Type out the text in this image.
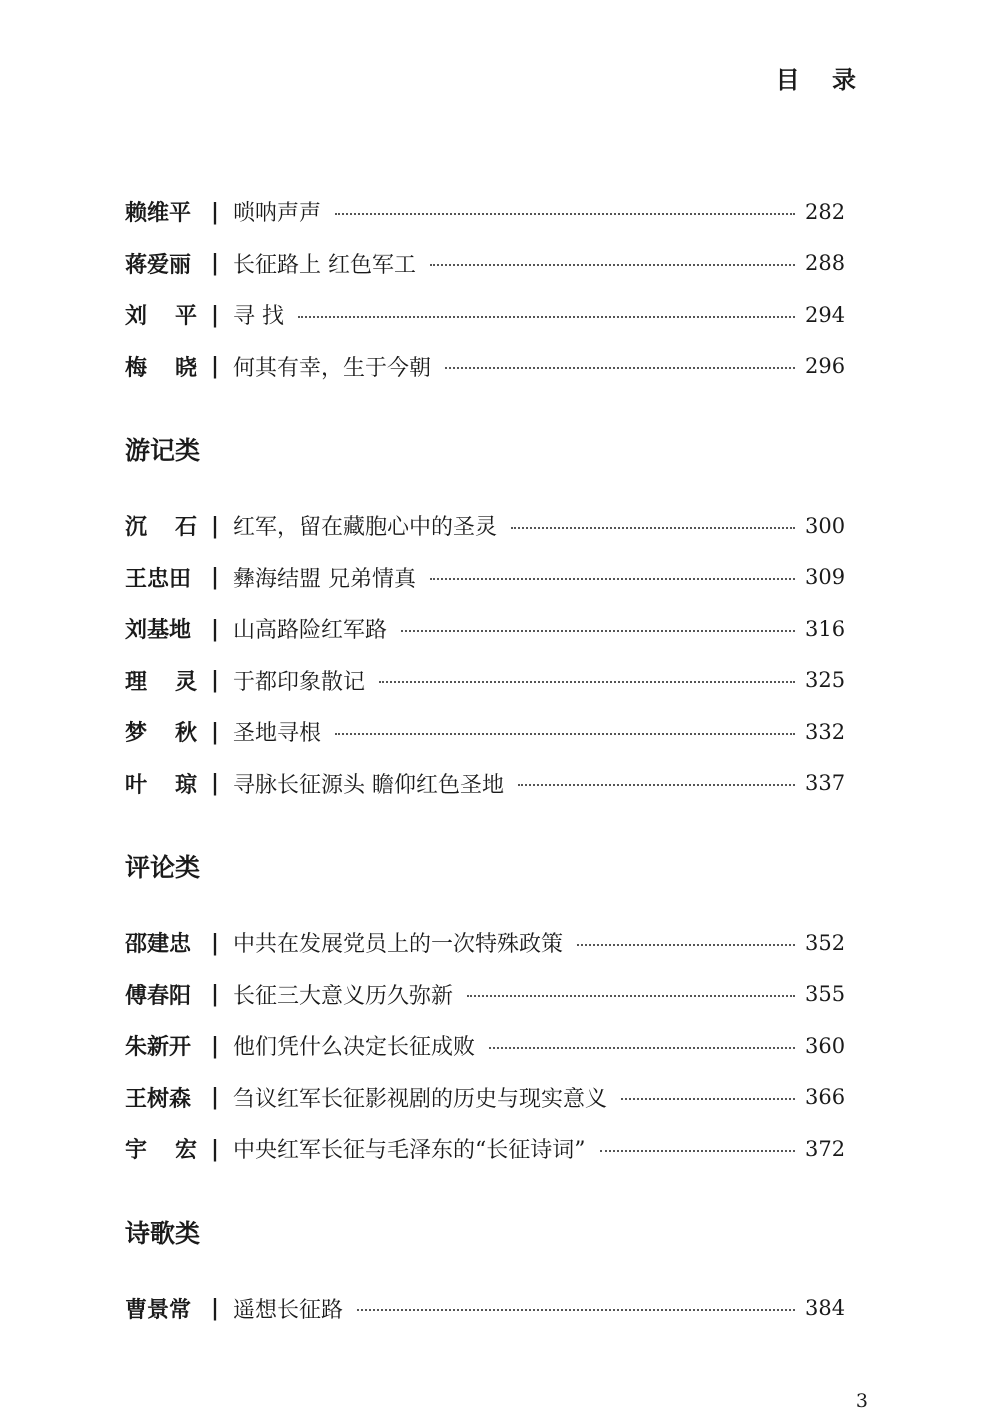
目 录
赖维平 | 唢呐声声	282
蒋爱丽 | 长征路上 红色军工	288
刘 平 | 寻 找	294
梅 晓 | 何其有幸，生于今朝	296
游记类
沉 石 | 红军，留在藏胞心中的圣灵	300
王忠田 | 彝海结盟 兄弟情真	309
刘基地 | 山高路险红军路	316
理 灵 | 于都印象散记	325
梦 秋 | 圣地寻根	332
叶 琼 | 寻脉长征源头 瞻仰红色圣地	337
评论类
邵建忠 | 中共在发展党员上的一次特殊政策	352
傅春阳 | 长征三大意义历久弥新	355
朱新开 | 他们凭什么决定长征成败	360
王树森 | 刍议红军长征影视剧的历史与现实意义	366
宇 宏 | 中央红军长征与毛泽东的“长征诗词”	372
诗歌类
曹景常 | 遥想长征路	384
3
